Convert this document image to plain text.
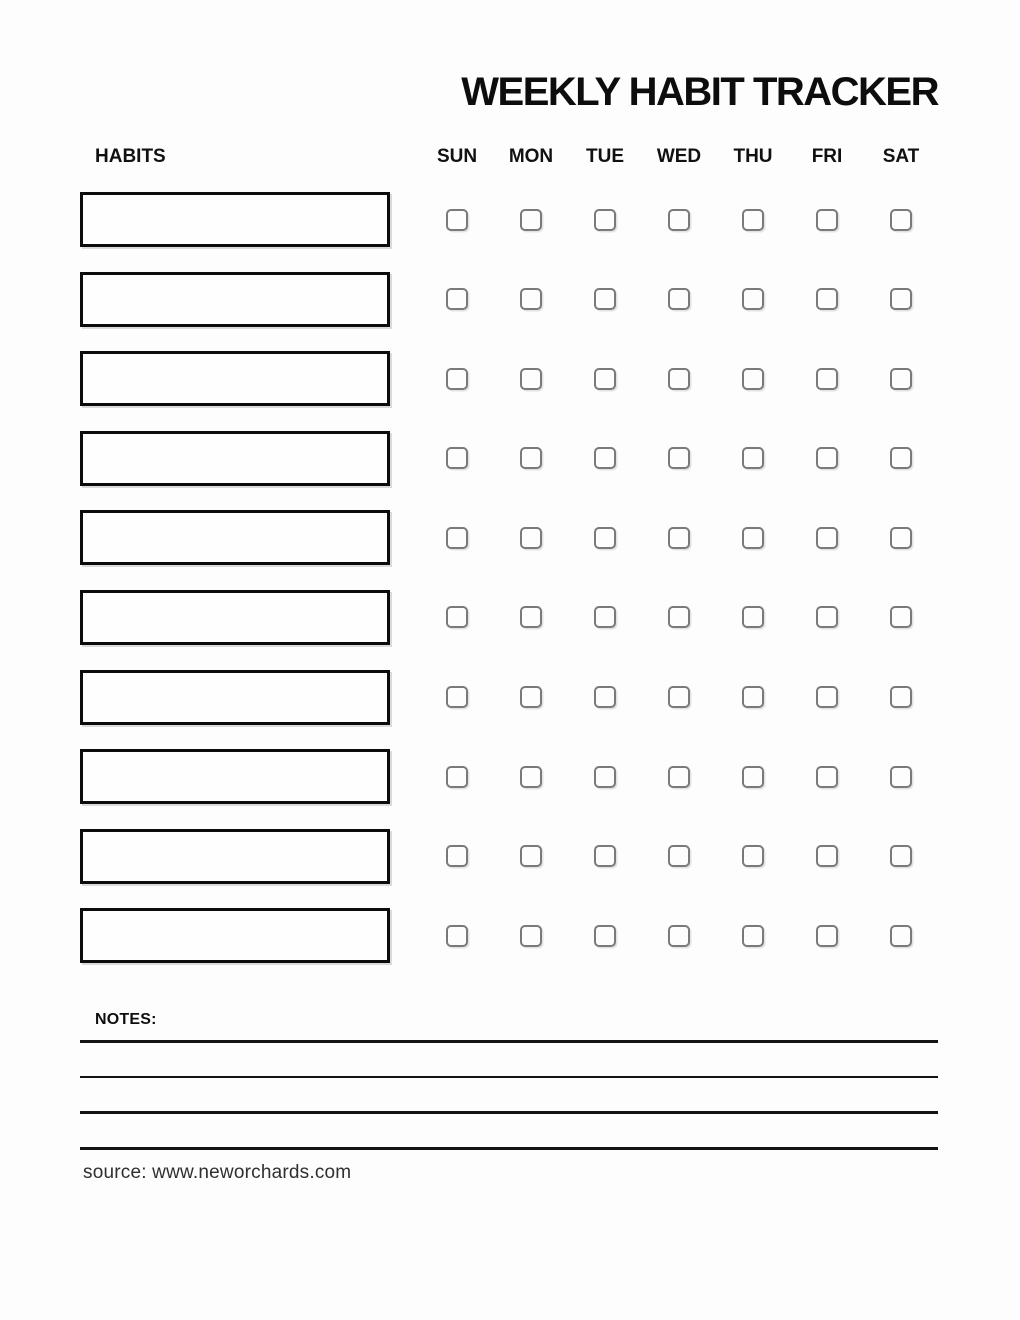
WEEKLY HABIT TRACKER
HABITS	SUN	MON	TUE	WED	THU	FRI	SAT
NOTES:
source: www.neworchards.com
